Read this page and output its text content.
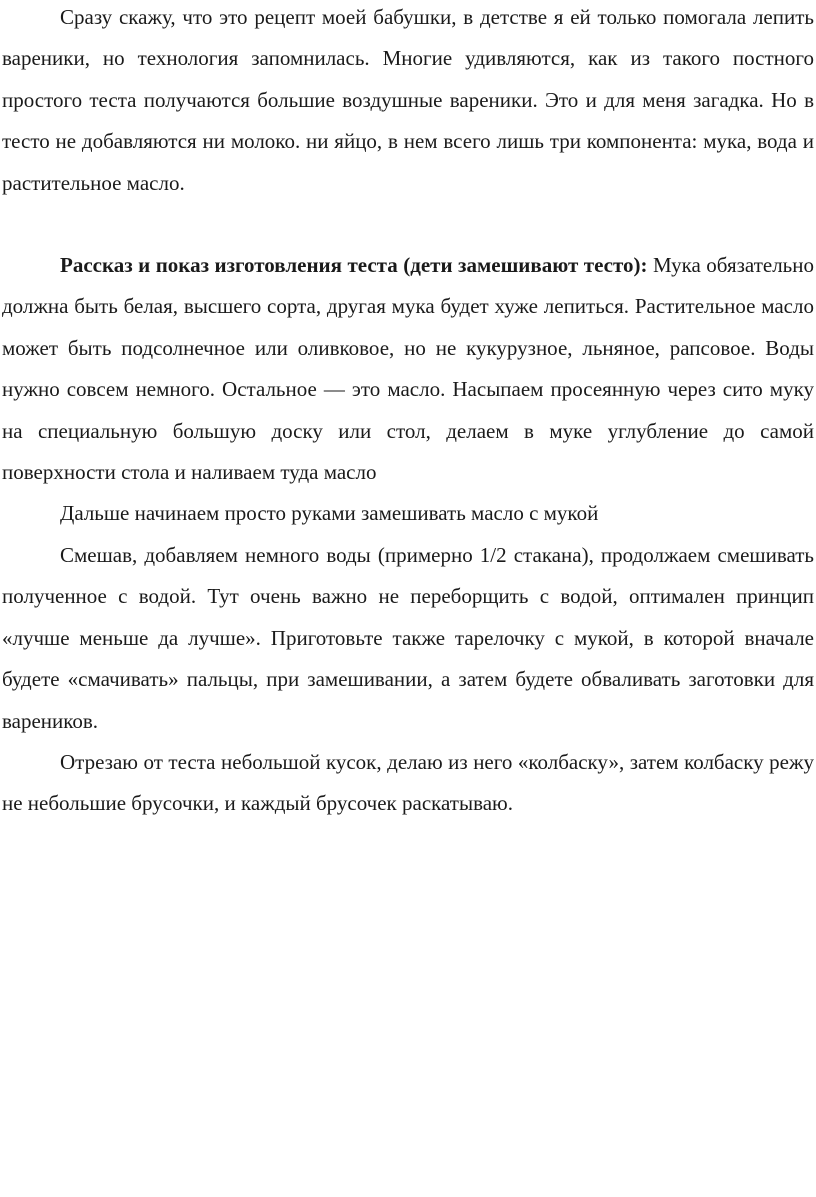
Сразу скажу, что это рецепт моей бабушки, в детстве я ей только помогала лепить вареники, но технология запомнилась. Многие удивляются, как из такого постного простого теста получаются большие воздушные вареники. Это и для меня загадка. Но в тесто не добавляются ни молоко. ни яйцо, в нем всего лишь три компонента: мука, вода и растительное масло.

Рассказ и показ изготовления теста (дети замешивают тесто): Мука обязательно должна быть белая, высшего сорта, другая мука будет хуже лепиться. Растительное масло может быть подсолнечное или оливковое, но не кукурузное, льняное, рапсовое. Воды нужно совсем немного. Остальное — это масло. Насыпаем просеянную через сито муку на специальную большую доску или стол, делаем в муке углубление до самой поверхности стола и наливаем туда масло

Дальше начинаем просто руками замешивать масло с мукой

Смешав, добавляем немного воды (примерно 1/2 стакана), продолжаем смешивать полученное с водой. Тут очень важно не переборщить с водой, оптимален принцип «лучше меньше да лучше». Приготовьте также тарелочку с мукой, в которой вначале будете «смачивать» пальцы, при замешивании, а затем будете обваливать заготовки для вареников.

Отрезаю от теста небольшой кусок, делаю из него «колбаску», затем колбаску режу не небольшие брусочки, и каждый брусочек раскатываю.
